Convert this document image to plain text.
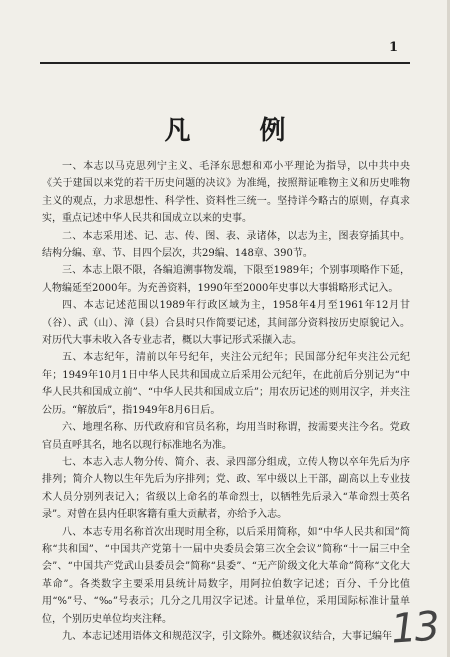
1
凡 例

一、本志以马克思列宁主义、毛泽东思想和邓小平理论为指导，以中共中央《关于建国以来党的若干历史问题的决议》为准绳，按照辩证唯物主义和历史唯物主义的观点，力求思想性、科学性、资料性三统一。坚持详今略古的原则，存真求实，重点记述中华人民共和国成立以来的史事。

二、本志采用述、记、志、传、图、表、录诸体，以志为主，图表穿插其中。结构分编、章、节、目四个层次，共29编、148章、390节。

三、本志上限不限，各编追溯事物发端，下限至1989年；个别事项略作下延，人物编延至2000年。为充善资料，1990年至2000年史事以大事辑略形式记入。

四、本志记述范围以1989年行政区域为主，1958年4月至1961年12月甘（谷）、武（山）、漳（县）合县时只作简要记述，其间部分资料按历史原貌记入。对历代大事未收入各专业志者，概以大事记形式采撷入志。

五、本志纪年，清前以年号纪年，夹注公元纪年；民国部分纪年夹注公元纪年；1949年10月1日中华人民共和国成立后采用公元纪年，在此前后分别记为“中华人民共和国成立前”、“中华人民共和国成立后”；用农历记述的则用汉字，并夹注公历。“解放后”，指1949年8月6日后。

六、地理名称、历代政府和官员名称，均用当时称谓，按需要夹注今名。党政官员直呼其名，地名以现行标准地名为准。

七、本志入志人物分传、简介、表、录四部分组成，立传人物以卒年先后为序排列；简介人物以生年先后为序排列；党、政、军中级以上干部，副高以上专业技术人员分别列表记入；省级以上命名的革命烈士，以牺牲先后录入“革命烈士英名录”。对曾在县内任职客籍有重大贡献者，亦给予入志。

八、本志专用名称首次出现时用全称，以后采用简称，如“中华人民共和国”简称“共和国”、“中国共产党第十一届中央委员会第三次全会议”简称“十一届三中全会”、“中国共产党武山县委员会”简称“县委”、“无产阶级文化大革命”简称“文化大革命”。各类数字主要采用县统计局数字，用阿拉伯数字记述；百分、千分比值用“%”号、“‰”号表示；几分之几用汉字记述。计量单位，采用国际标准计量单位，个别历史单位均夹注释。

九、本志记述用语体文和规范汉字，引文除外。概述叙议结合，大事记编年

13
